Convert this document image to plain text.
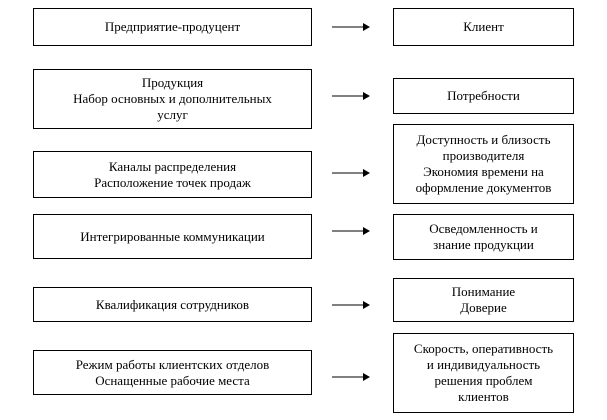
Предприятие-продуцент	Клиент
Продукция
Набор основных и дополнительных
услуг
Потребности
Каналы распределения
Расположение точек продаж
Доступность и близость
производителя
Экономия времени на
оформление документов
Интегрированные коммуникации	Осведомленность и
знание продукции
Квалификация сотрудников
Понимание
Доверие
Режим работы клиентских отделов
Оснащенные рабочие места
Скорость, оперативность
и индивидуальность
решения проблем
клиентов
